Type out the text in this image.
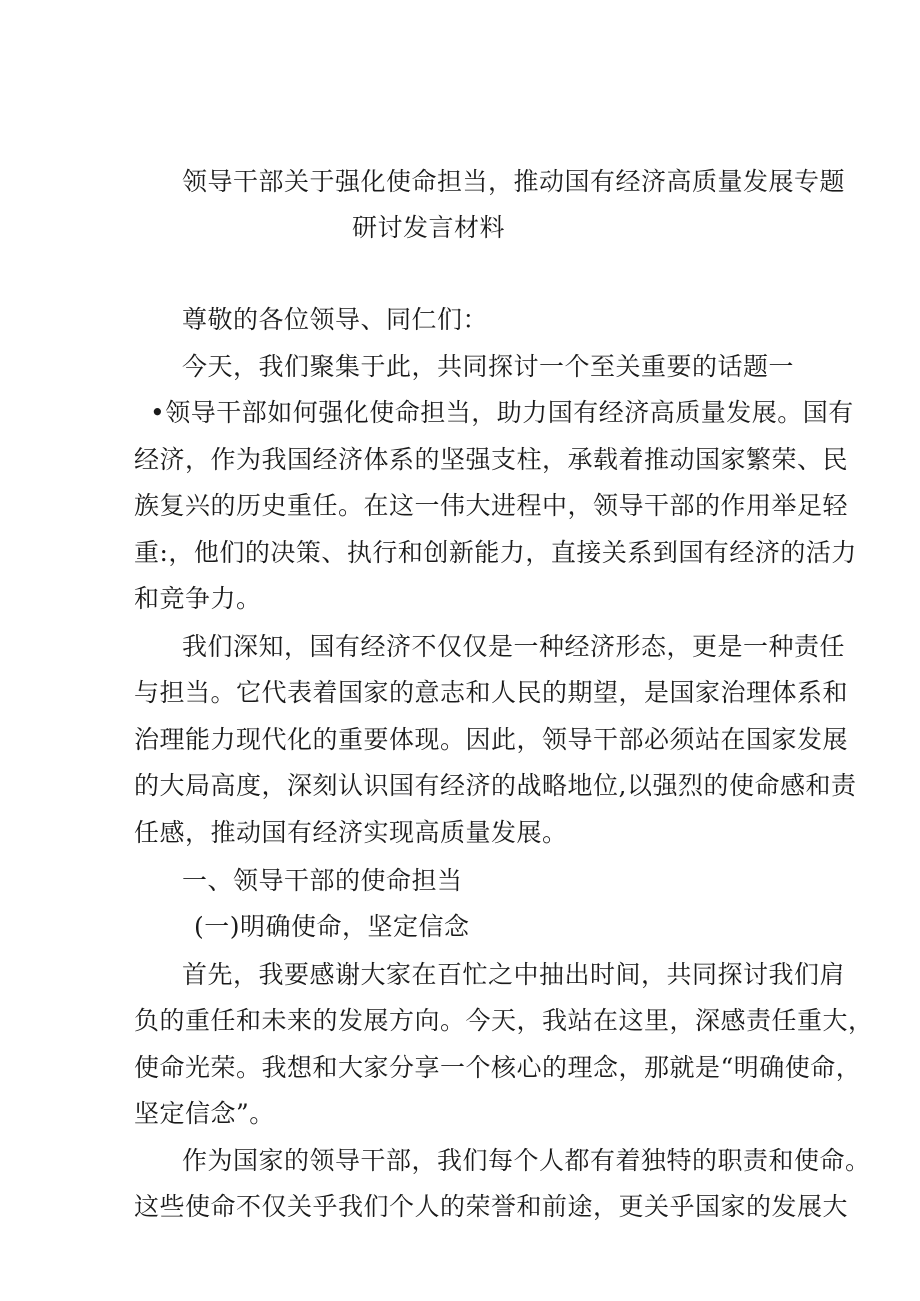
领导干部关于强化使命担当，推动国有经济高质量发展专题
研讨发言材料
尊敬的各位领导、同仁们：
今天，我们聚集于此，共同探讨一个至关重要的话题一
•领导干部如何强化使命担当，助力国有经济高质量发展。国有
经济，作为我国经济体系的坚强支柱，承载着推动国家繁荣、民
族复兴的历史重任。在这一伟大进程中，领导干部的作用举足轻
重:，他们的决策、执行和创新能力，直接关系到国有经济的活力
和竞争力。
我们深知，国有经济不仅仅是一种经济形态，更是一种责任
与担当。它代表着国家的意志和人民的期望，是国家治理体系和
治理能力现代化的重要体现。因此，领导干部必须站在国家发展
的大局高度，深刻认识国有经济的战略地位,以强烈的使命感和责
任感，推动国有经济实现高质量发展。
一、领导干部的使命担当
(一)明确使命，坚定信念
首先，我要感谢大家在百忙之中抽出时间，共同探讨我们肩
负的重任和未来的发展方向。今天，我站在这里，深感责任重大，
使命光荣。我想和大家分享一个核心的理念，那就是“明确使命，
坚定信念”。
作为国家的领导干部，我们每个人都有着独特的职责和使命。
这些使命不仅关乎我们个人的荣誉和前途，更关乎国家的发展大
